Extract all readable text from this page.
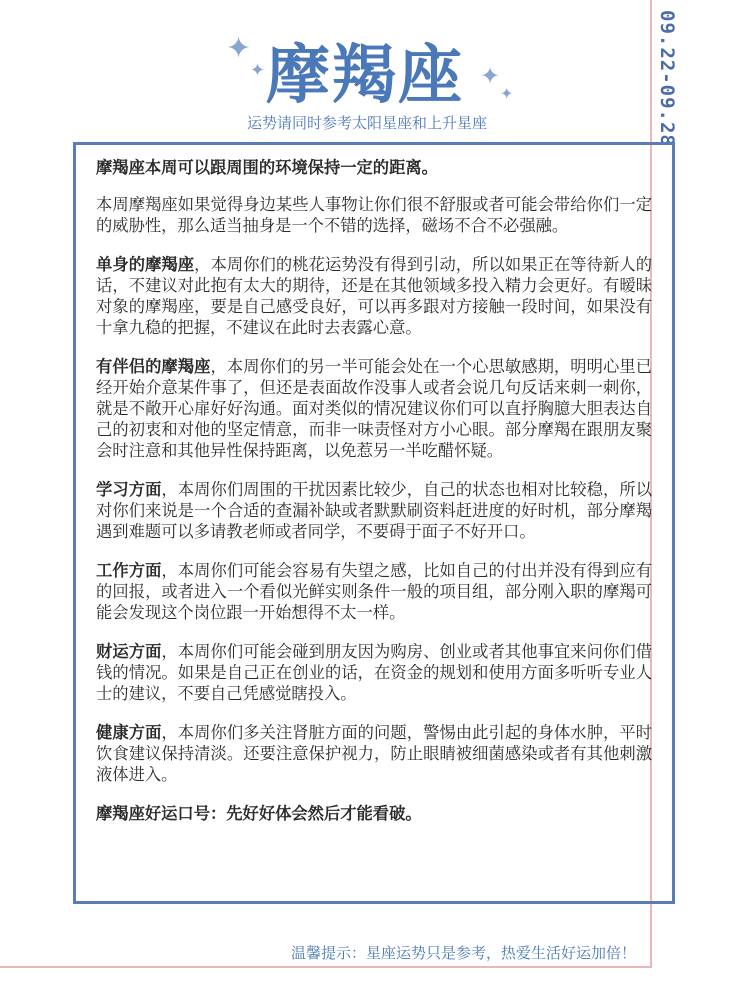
09.22-09.28
✦
✦	✦
✦
摩羯座
运势请同时参考太阳星座和上升星座

摩羯座本周可以跟周围的环境保持一定的距离。

本周摩羯座如果觉得身边某些人事物让你们很不舒服或者可能会带给你们一定的威胁性，那么适当抽身是一个不错的选择，磁场不合不必强融。

单身的摩羯座，本周你们的桃花运势没有得到引动，所以如果正在等待新人的话，不建议对此抱有太大的期待，还是在其他领域多投入精力会更好。有暧昧对象的摩羯座，要是自己感受良好，可以再多跟对方接触一段时间，如果没有十拿九稳的把握，不建议在此时去表露心意。

有伴侣的摩羯座，本周你们的另一半可能会处在一个心思敏感期，明明心里已经开始介意某件事了，但还是表面故作没事人或者会说几句反话来刺一刺你，就是不敞开心扉好好沟通。面对类似的情况建议你们可以直抒胸臆大胆表达自己的初衷和对他的坚定情意，而非一味责怪对方小心眼。部分摩羯在跟朋友聚会时注意和其他异性保持距离，以免惹另一半吃醋怀疑。

学习方面，本周你们周围的干扰因素比较少，自己的状态也相对比较稳，所以对你们来说是一个合适的查漏补缺或者默默刷资料赶进度的好时机，部分摩羯遇到难题可以多请教老师或者同学，不要碍于面子不好开口。

工作方面，本周你们可能会容易有失望之感，比如自己的付出并没有得到应有的回报，或者进入一个看似光鲜实则条件一般的项目组，部分刚入职的摩羯可能会发现这个岗位跟一开始想得不太一样。

财运方面，本周你们可能会碰到朋友因为购房、创业或者其他事宜来问你们借钱的情况。如果是自己正在创业的话，在资金的规划和使用方面多听听专业人士的建议，不要自己凭感觉瞎投入。

健康方面，本周你们多关注肾脏方面的问题，警惕由此引起的身体水肿，平时饮食建议保持清淡。还要注意保护视力，防止眼睛被细菌感染或者有其他刺激液体进入。

摩羯座好运口号：先好好体会然后才能看破。

温馨提示：星座运势只是参考，热爱生活好运加倍！
